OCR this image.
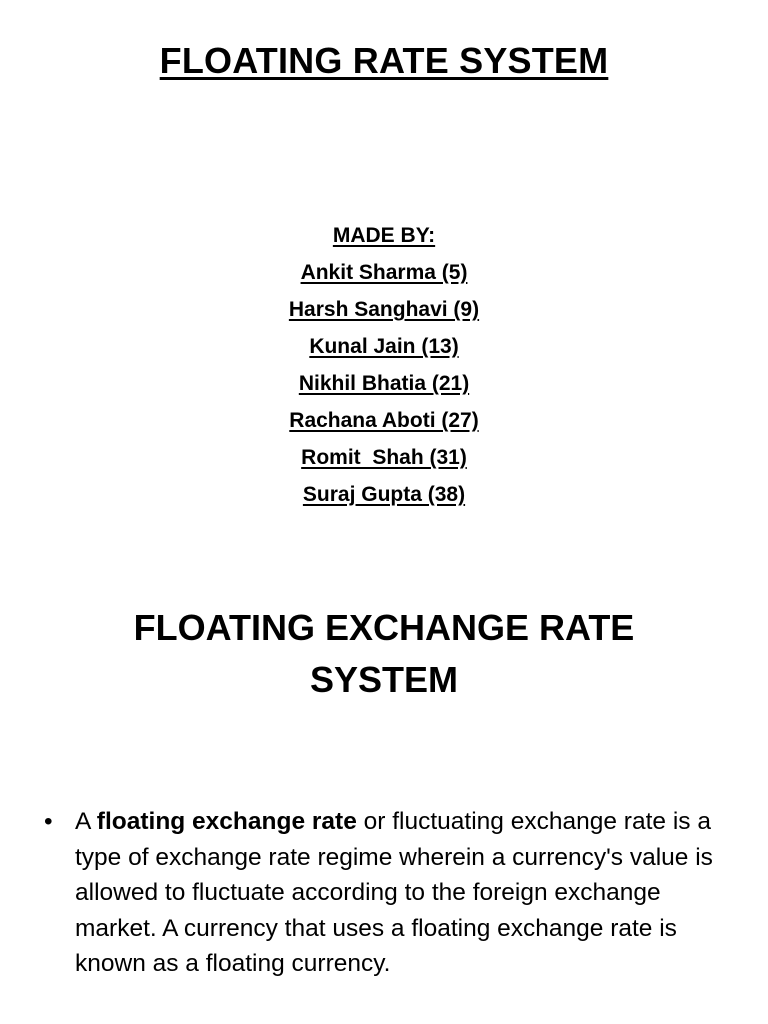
FLOATING RATE SYSTEM
MADE BY:
Ankit Sharma (5)
Harsh Sanghavi (9)
Kunal Jain (13)
Nikhil Bhatia (21)
Rachana Aboti (27)
Romit  Shah (31)
Suraj Gupta (38)
FLOATING EXCHANGE RATE
SYSTEM
• A floating exchange rate or fluctuating exchange rate is a type of exchange rate regime wherein a currency's value is allowed to fluctuate according to the foreign exchange market. A currency that uses a floating exchange rate is known as a floating currency.
